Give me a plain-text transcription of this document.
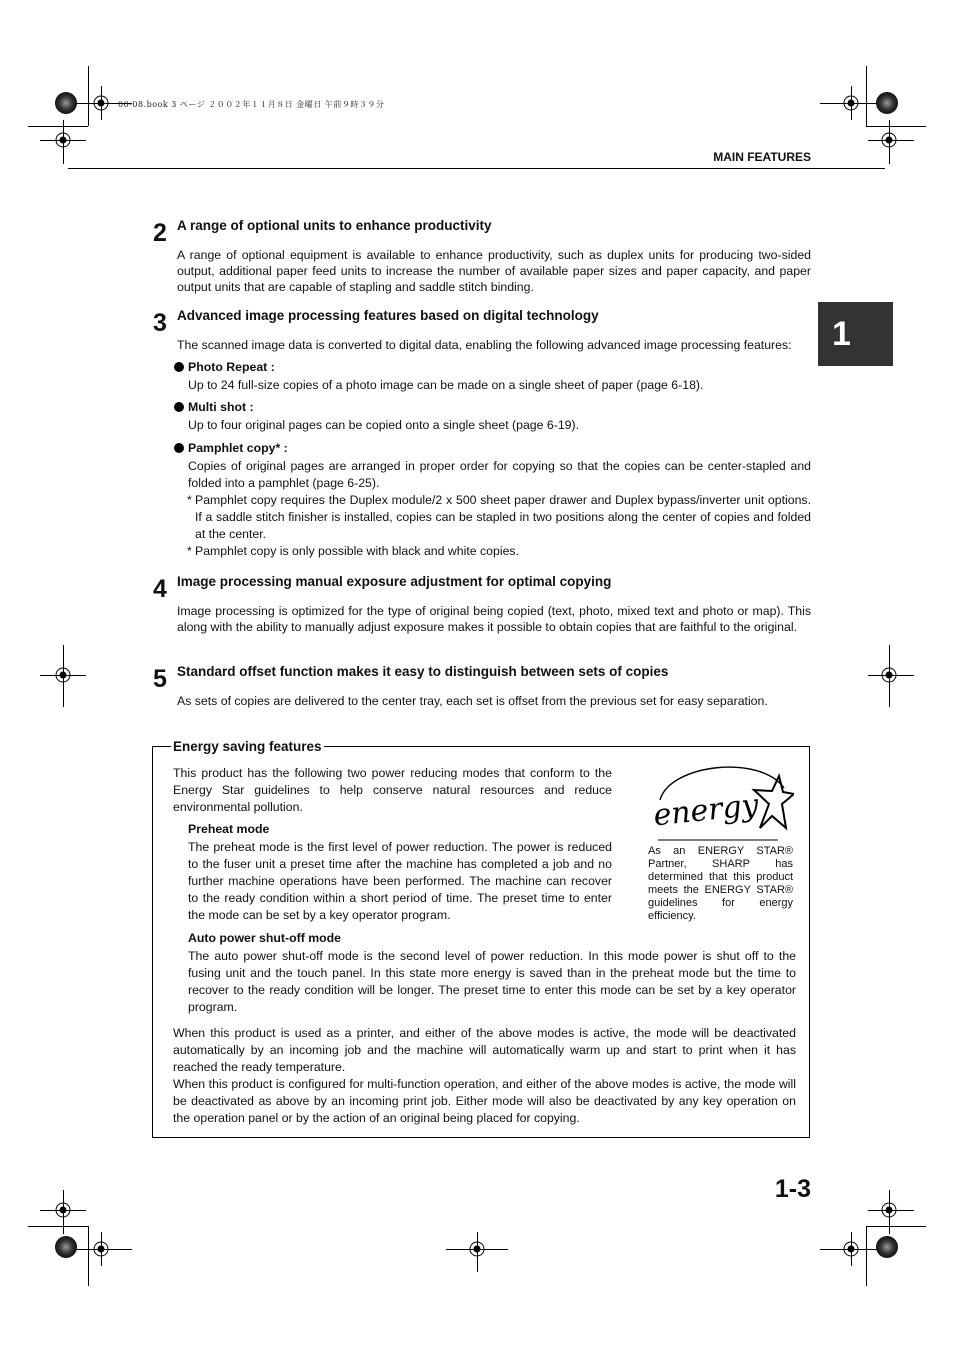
00-08.book 3 ページ ２００２年１１月８日 金曜日 午前９時３９分
MAIN FEATURES
1
2 A range of optional units to enhance productivity
A range of optional equipment is available to enhance productivity, such as duplex units for producing two-sided output, additional paper feed units to increase the number of available paper sizes and paper capacity, and paper output units that are capable of stapling and saddle stitch binding.
3 Advanced image processing features based on digital technology
The scanned image data is converted to digital data, enabling the following advanced image processing features:
Photo Repeat :
Up to 24 full-size copies of a photo image can be made on a single sheet of paper (page 6-18).
Multi shot :
Up to four original pages can be copied onto a single sheet (page 6-19).
Pamphlet copy* :
Copies of original pages are arranged in proper order for copying so that the copies can be center-stapled and folded into a pamphlet (page 6-25).
* Pamphlet copy requires the Duplex module/2 x 500 sheet paper drawer and Duplex bypass/inverter unit options. If a saddle stitch finisher is installed, copies can be stapled in two positions along the center of copies and folded at the center.
* Pamphlet copy is only possible with black and white copies.
4 Image processing manual exposure adjustment for optimal copying
Image processing is optimized for the type of original being copied (text, photo, mixed text and photo or map). This along with the ability to manually adjust exposure makes it possible to obtain copies that are faithful to the original.
5 Standard offset function makes it easy to distinguish between sets of copies
As sets of copies are delivered to the center tray, each set is offset from the previous set for easy separation.
Energy saving features
This product has the following two power reducing modes that conform to the Energy Star guidelines to help conserve natural resources and reduce environmental pollution.	energy
As an ENERGY STAR® Partner, SHARP has determined that this product meets the ENERGY STAR® guidelines for energy efficiency.
Preheat mode
The preheat mode is the first level of power reduction. The power is reduced to the fuser unit a preset time after the machine has completed a job and no further machine operations have been performed. The machine can recover to the ready condition within a short period of time. The preset time to enter the mode can be set by a key operator program.
Auto power shut-off mode
The auto power shut-off mode is the second level of power reduction. In this mode power is shut off to the fusing unit and the touch panel. In this state more energy is saved than in the preheat mode but the time to recover to the ready condition will be longer. The preset time to enter this mode can be set by a key operator program.
When this product is used as a printer, and either of the above modes is active, the mode will be deactivated automatically by an incoming job and the machine will automatically warm up and start to print when it has reached the ready temperature.
When this product is configured for multi-function operation, and either of the above modes is active, the mode will be deactivated as above by an incoming print job. Either mode will also be deactivated by any key operation on the operation panel or by the action of an original being placed for copying.
1-3
